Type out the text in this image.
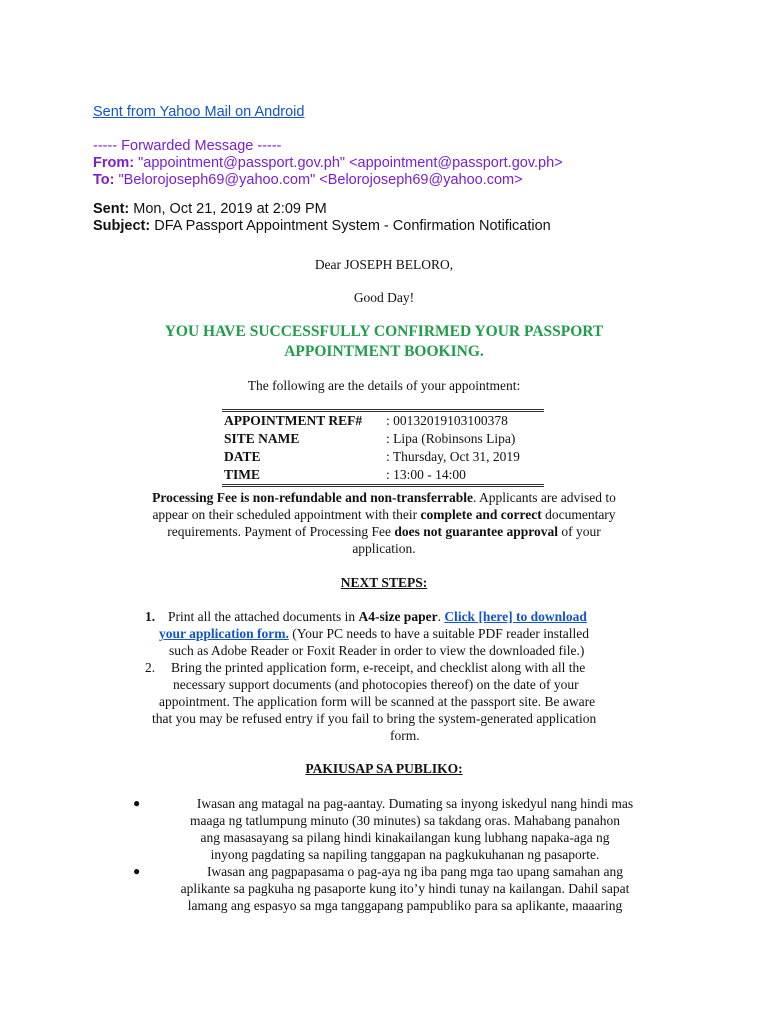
Sent from Yahoo Mail on Android
----- Forwarded Message -----
From: "appointment@passport.gov.ph" <appointment@passport.gov.ph>
To: "Belorojoseph69@yahoo.com" <Belorojoseph69@yahoo.com>
Sent: Mon, Oct 21, 2019 at 2:09 PM
Subject: DFA Passport Appointment System - Confirmation Notification
Dear JOSEPH BELORO,
Good Day!
YOU HAVE SUCCESSFULLY CONFIRMED YOUR PASSPORT
APPOINTMENT BOOKING.
The following are the details of your appointment:
APPOINTMENT REF#	: 00132019103100378
SITE NAME	: Lipa (Robinsons Lipa)
DATE	: Thursday, Oct 31, 2019
TIME	: 13:00 - 14:00
Processing Fee is non-refundable and non-transferrable. Applicants are advised to
appear on their scheduled appointment with their complete and correct documentary
requirements. Payment of Processing Fee does not guarantee approval of your
application.
NEXT STEPS:
1. Print all the attached documents in A4-size paper. Click [here] to download
your application form. (Your PC needs to have a suitable PDF reader installed
such as Adobe Reader or Foxit Reader in order to view the downloaded file.)
2.	Bring the printed application form, e-receipt, and checklist along with all the
necessary support documents (and photocopies thereof) on the date of your
appointment. The application form will be scanned at the passport site. Be aware
that you may be refused entry if you fail to bring the system-generated application
form.
PAKIUSAP SA PUBLIKO:
●	Iwasan ang matagal na pag-aantay. Dumating sa inyong iskedyul nang hindi mas
maaga ng tatlumpung minuto (30 minutes) sa takdang oras. Mahabang panahon
ang masasayang sa pilang hindi kinakailangan kung lubhang napaka-aga ng
inyong pagdating sa napiling tanggapan na pagkukuhanan ng pasaporte.
●	Iwasan ang pagpapasama o pag-aya ng iba pang mga tao upang samahan ang
aplikante sa pagkuha ng pasaporte kung ito’y hindi tunay na kailangan. Dahil sapat
lamang ang espasyo sa mga tanggapang pampubliko para sa aplikante, maaaring
